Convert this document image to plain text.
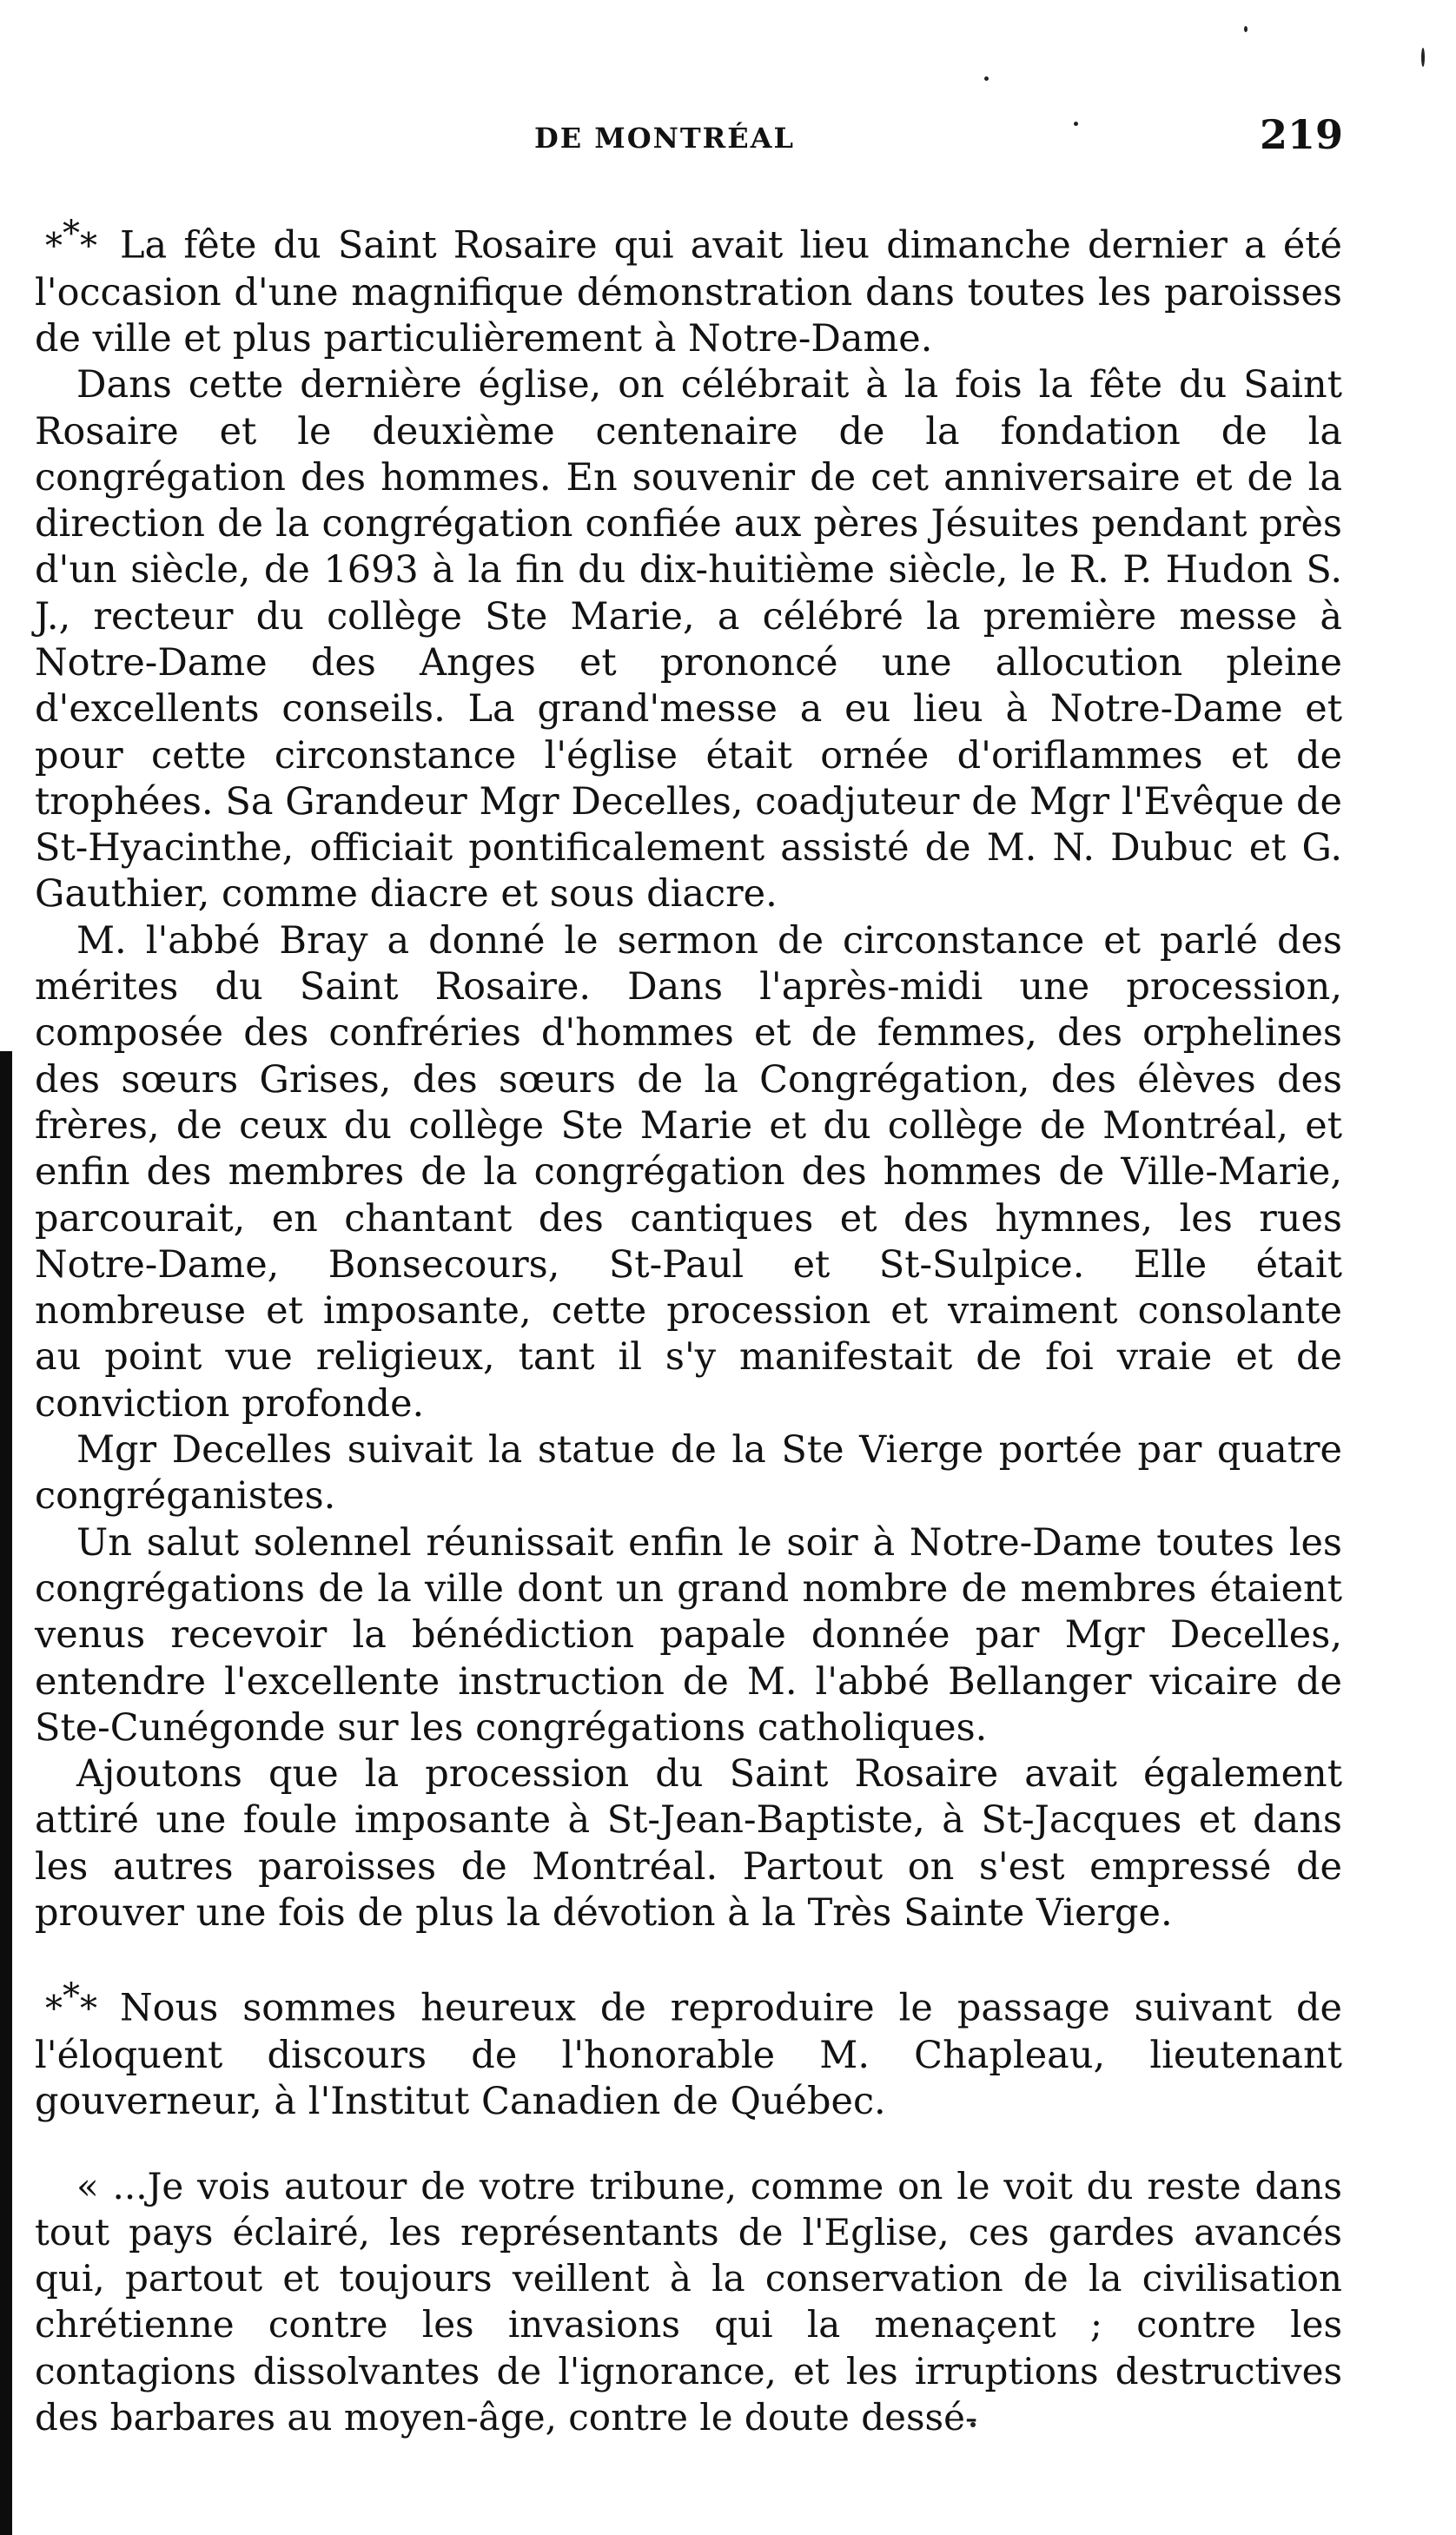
DE MONTRÉAL	219

*** La fête du Saint Rosaire qui avait lieu dimanche dernier a été l'occasion d'une magnifique démonstration dans toutes les paroisses de ville et plus particulièrement à Notre-Dame.

Dans cette dernière église, on célébrait à la fois la fête du Saint Rosaire et le deuxième centenaire de la fondation de la congrégation des hommes. En souvenir de cet anniversaire et de la direction de la congrégation confiée aux pères Jésuites pendant près d'un siècle, de 1693 à la fin du dix-huitième siècle, le R. P. Hudon S. J., recteur du collège Ste Marie, a célébré la première messe à Notre-Dame des Anges et prononcé une allocution pleine d'excellents conseils. La grand'messe a eu lieu à Notre-Dame et pour cette circonstance l'église était ornée d'oriflammes et de trophées. Sa Grandeur Mgr Decelles, coadjuteur de Mgr l'Evêque de St-Hyacinthe, officiait pontificalement assisté de M. N. Dubuc et G. Gauthier, comme diacre et sous diacre.

M. l'abbé Bray a donné le sermon de circonstance et parlé des mérites du Saint Rosaire. Dans l'après-midi une procession, composée des confréries d'hommes et de femmes, des orphelines des sœurs Grises, des sœurs de la Congrégation, des élèves des frères, de ceux du collège Ste Marie et du collège de Montréal, et enfin des membres de la congrégation des hommes de Ville-Marie, parcourait, en chantant des cantiques et des hymnes, les rues Notre-Dame, Bonsecours, St-Paul et St-Sulpice. Elle était nombreuse et imposante, cette procession et vraiment consolante au point vue religieux, tant il s'y manifestait de foi vraie et de conviction profonde.

Mgr Decelles suivait la statue de la Ste Vierge portée par quatre congréganistes.

Un salut solennel réunissait enfin le soir à Notre-Dame toutes les congrégations de la ville dont un grand nombre de membres étaient venus recevoir la bénédiction papale donnée par Mgr Decelles, entendre l'excellente instruction de M. l'abbé Bellanger vicaire de Ste-Cunégonde sur les congrégations catholiques.

Ajoutons que la procession du Saint Rosaire avait également attiré une foule imposante à St-Jean-Baptiste, à St-Jacques et dans les autres paroisses de Montréal. Partout on s'est empressé de prouver une fois de plus la dévotion à la Très Sainte Vierge.

*** Nous sommes heureux de reproduire le passage suivant de l'éloquent discours de l'honorable M. Chapleau, lieutenant gouverneur, à l'Institut Canadien de Québec.

« ...Je vois autour de votre tribune, comme on le voit du reste dans tout pays éclairé, les représentants de l'Eglise, ces gardes avancés qui, partout et toujours veillent à la conservation de la civilisation chrétienne contre les invasions qui la menaçent ; contre les contagions dissolvantes de l'ignorance, et les irruptions destructives des barbares au moyen-âge, contre le doute dessé-
